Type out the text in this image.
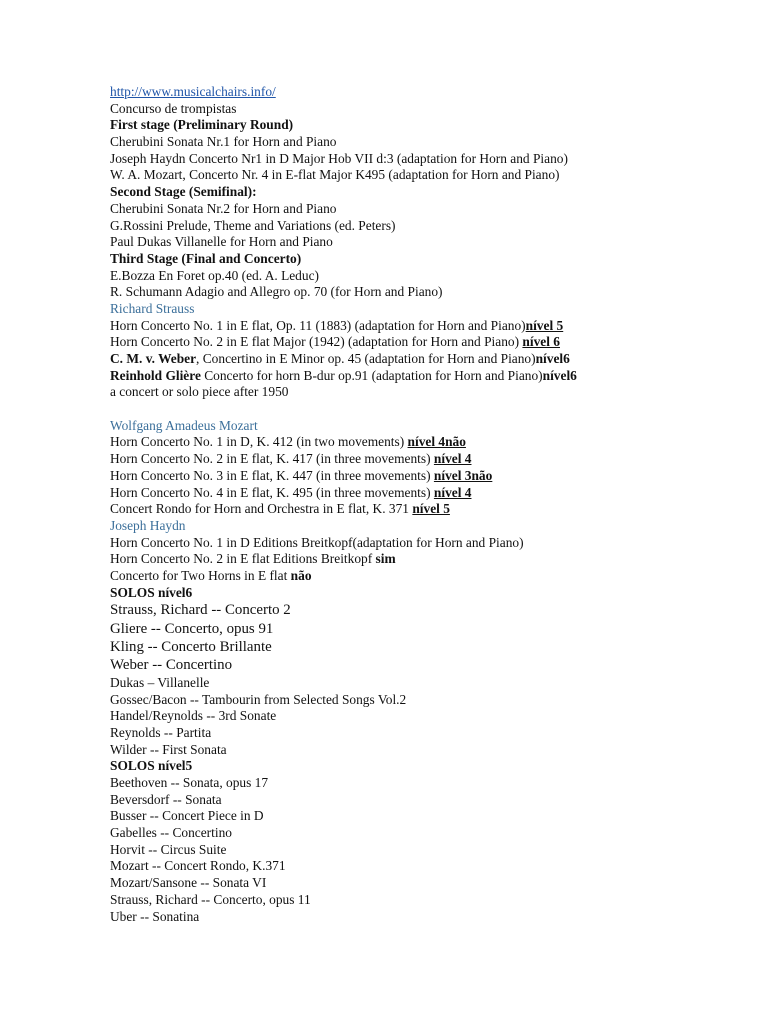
http://www.musicalchairs.info/
Concurso de trompistas
First stage (Preliminary Round)
Cherubini Sonata Nr.1 for Horn and Piano
Joseph Haydn Concerto Nr1 in D Major Hob VII d:3 (adaptation for Horn and Piano)
W. A. Mozart, Concerto Nr. 4 in E-flat Major K495 (adaptation for Horn and Piano)
Second Stage (Semifinal):
Cherubini Sonata Nr.2 for Horn and Piano
G.Rossini Prelude, Theme and Variations (ed. Peters)
Paul Dukas Villanelle for Horn and Piano
Third Stage (Final and Concerto)
E.Bozza En Foret op.40 (ed. A. Leduc)
R. Schumann Adagio and Allegro op. 70 (for Horn and Piano)
Richard Strauss
Horn Concerto No. 1 in E flat, Op. 11 (1883) (adaptation for Horn and Piano)nível 5
Horn Concerto No. 2 in E flat Major (1942) (adaptation for Horn and Piano) nível 6
C. M. v. Weber, Concertino in E Minor op. 45 (adaptation for Horn and Piano)nível6
Reinhold Glière Concerto for horn B-dur op.91 (adaptation for Horn and Piano)nível6
a concert or solo piece after 1950
Wolfgang Amadeus Mozart
Horn Concerto No. 1 in D, K. 412 (in two movements) nível 4não
Horn Concerto No. 2 in E flat, K. 417 (in three movements) nível 4
Horn Concerto No. 3 in E flat, K. 447 (in three movements) nível 3não
Horn Concerto No. 4 in E flat, K. 495 (in three movements) nível 4
Concert Rondo for Horn and Orchestra in E flat, K. 371 nível 5
Joseph Haydn
Horn Concerto No. 1 in D Editions Breitkopf(adaptation for Horn and Piano)
Horn Concerto No. 2 in E flat Editions Breitkopf sim
Concerto for Two Horns in E flat não
SOLOS nível6
Strauss, Richard -- Concerto 2
Gliere -- Concerto, opus 91
Kling -- Concerto Brillante
Weber -- Concertino
Dukas – Villanelle
Gossec/Bacon -- Tambourin from Selected Songs Vol.2
Handel/Reynolds -- 3rd Sonate
Reynolds -- Partita
Wilder -- First Sonata
SOLOS nível5
Beethoven -- Sonata, opus 17
Beversdorf -- Sonata
Busser -- Concert Piece in D
Gabelles -- Concertino
Horvit -- Circus Suite
Mozart -- Concert Rondo, K.371
Mozart/Sansone -- Sonata VI
Strauss, Richard -- Concerto, opus 11
Uber -- Sonatina
